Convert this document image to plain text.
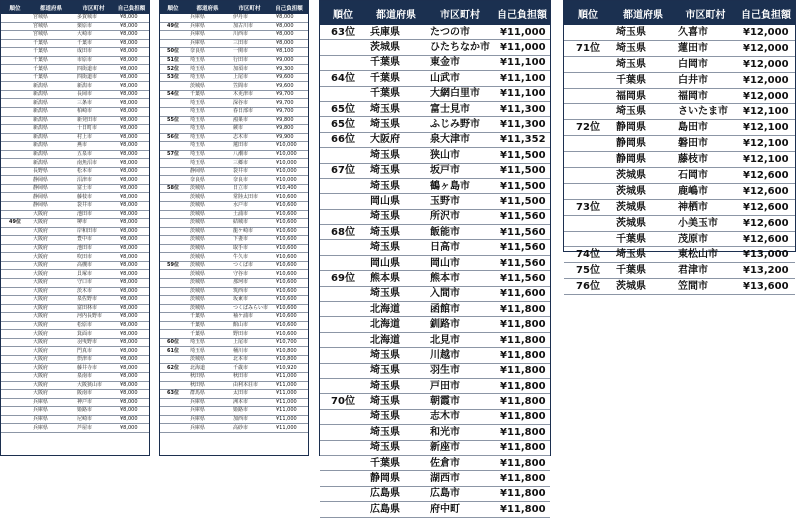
順位	都道府県	市区町村	自己負担額
	宮城県	多賀城市	¥8,000
	宮城県	栗原市	¥8,000
	宮城県	大崎市	¥8,000
	千葉県	千葉市	¥8,000
	千葉県	成田市	¥8,000
	千葉県	市原市	¥8,000
	千葉県	四街道市	¥8,000
	千葉県	四街道市	¥8,000
	新潟県	新潟市	¥8,000
	新潟県	長岡市	¥8,000
	新潟県	三条市	¥8,000
	新潟県	柏崎市	¥8,000
	新潟県	新発田市	¥8,000
	新潟県	十日町市	¥8,000
	新潟県	村上市	¥8,000
	新潟県	燕市	¥8,000
	新潟県	五泉市	¥8,000
	新潟県	南魚沼市	¥8,000
	長野県	松本市	¥8,000
	静岡県	沼津市	¥8,000
	静岡県	富士市	¥8,000
	静岡県	藤枝市	¥8,000
	静岡県	袋井市	¥8,000
	大阪府	池田市	¥8,000
49位	大阪府	堺市	¥8,000
	大阪府	岸和田市	¥8,000
	大阪府	豊中市	¥8,000
	大阪府	池田市	¥8,000
	大阪府	吹田市	¥8,000
	大阪府	高槻市	¥8,000
	大阪府	貝塚市	¥8,000
	大阪府	守口市	¥8,000
	大阪府	茨木市	¥8,000
	大阪府	泉佐野市	¥8,000
	大阪府	富田林市	¥8,000
	大阪府	河内長野市	¥8,000
	大阪府	松原市	¥8,000
	大阪府	箕面市	¥8,000
	大阪府	羽曳野市	¥8,000
	大阪府	門真市	¥8,000
	大阪府	摂津市	¥8,000
	大阪府	藤井寺市	¥8,000
	大阪府	泉南市	¥8,000
	大阪府	大阪狭山市	¥8,000
	大阪府	阪南市	¥8,000
	兵庫県	神戸市	¥8,000
	兵庫県	姫路市	¥8,000
	兵庫県	尼崎市	¥8,000
	兵庫県	芦屋市	¥8,000
順位	都道府県	市区町村	自己負担額
	兵庫県	伊丹市	¥8,000
49位	兵庫県	加古川市	¥8,000
	兵庫県	川西市	¥8,000
	兵庫県	三田市	¥8,000
50位	奈良県	一関市	¥8,100
51位	埼玉県	行田市	¥9,000
52位	埼玉県	加須市	¥9,300
53位	埼玉県	上尾市	¥9,600
	茨城県	笠間市	¥9,600
54位	千葉県	木更津市	¥9,700
	埼玉県	深谷市	¥9,700
	埼玉県	春日部市	¥9,700
55位	埼玉県	鴻巣市	¥9,800
	埼玉県	蕨市	¥9,800
56位	埼玉県	志木市	¥9,900
	埼玉県	蓮田市	¥10,000
57位	埼玉県	八潮市	¥10,000
	埼玉県	三郷市	¥10,000
	静岡県	袋井市	¥10,000
	奈良県	奈良市	¥10,000
58位	茨城県	日立市	¥10,400
	茨城県	常陸太田市	¥10,600
	茨城県	水戸市	¥10,600
	茨城県	土浦市	¥10,600
	茨城県	結城市	¥10,600
	茨城県	龍ケ崎市	¥10,600
	茨城県	下妻市	¥10,600
	茨城県	取手市	¥10,600
	茨城県	牛久市	¥10,600
59位	茨城県	つくば市	¥10,600
	茨城県	守谷市	¥10,600
	茨城県	那珂市	¥10,600
	茨城県	筑西市	¥10,600
	茨城県	坂東市	¥10,600
	茨城県	つくばみらい市	¥10,600
	千葉県	袖ケ浦市	¥10,600
	千葉県	館山市	¥10,600
	千葉県	野田市	¥10,600
60位	埼玉県	上尾市	¥10,700
61位	埼玉県	桶川市	¥10,800
	茨城県	北本市	¥10,800
62位	北海道	千歳市	¥10,920
	秋田県	秋田市	¥11,000
	秋田県	由利本荘市	¥11,000
63位	群馬県	太田市	¥11,000
	兵庫県	洲本市	¥11,000
	兵庫県	姫路市	¥11,000
	兵庫県	加西市	¥11,000
	兵庫県	高砂市	¥11,000
順位	都道府県	市区町村	自己負担額
63位	兵庫県	たつの市	¥11,000
	茨城県	ひたちなか市	¥11,000
	千葉県	東金市	¥11,100
64位	千葉県	山武市	¥11,100
	千葉県	大網白里市	¥11,100
65位	埼玉県	富士見市	¥11,300
65位	埼玉県	ふじみ野市	¥11,300
66位	大阪府	泉大津市	¥11,352
	埼玉県	狭山市	¥11,500
67位	埼玉県	坂戸市	¥11,500
	埼玉県	鶴ヶ島市	¥11,500
	岡山県	玉野市	¥11,500
	埼玉県	所沢市	¥11,560
68位	埼玉県	飯能市	¥11,560
	埼玉県	日高市	¥11,560
	岡山県	岡山市	¥11,560
69位	熊本県	熊本市	¥11,560
	埼玉県	入間市	¥11,600
	北海道	函館市	¥11,800
	北海道	釧路市	¥11,800
	北海道	北見市	¥11,800
	埼玉県	川越市	¥11,800
	埼玉県	羽生市	¥11,800
	埼玉県	戸田市	¥11,800
70位	埼玉県	朝霞市	¥11,800
	埼玉県	志木市	¥11,800
	埼玉県	和光市	¥11,800
	埼玉県	新座市	¥11,800
	千葉県	佐倉市	¥11,800
	静岡県	湖西市	¥11,800
	広島県	広島市	¥11,800
	広島県	府中町	¥11,800
順位	都道府県	市区町村	自己負担額
	埼玉県	久喜市	¥12,000
71位	埼玉県	蓮田市	¥12,000
	埼玉県	白岡市	¥12,000
	千葉県	白井市	¥12,000
	福岡県	福岡市	¥12,000
	埼玉県	さいたま市	¥12,100
72位	静岡県	島田市	¥12,100
	静岡県	磐田市	¥12,100
	静岡県	藤枝市	¥12,100
	茨城県	石岡市	¥12,600
	茨城県	鹿嶋市	¥12,600
73位	茨城県	神栖市	¥12,600
	茨城県	小美玉市	¥12,600
	千葉県	茂原市	¥12,600
74位	埼玉県	東松山市	¥13,000
75位	千葉県	君津市	¥13,200
76位	茨城県	笠間市	¥13,600
